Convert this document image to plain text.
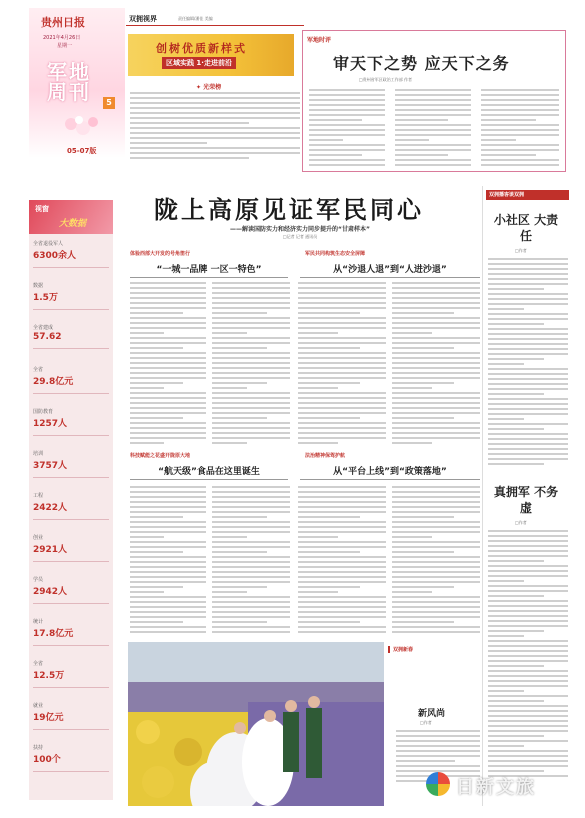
贵州日报
2021年4月26日
星期一
军地周刊	5
05-07版
双拥视界	责任编辑/潘佳 美编
创树优质新样式
区域实践 1·走进前沿
✦ 光荣榜
军地时评
审天下之势 应天下之务
□贵州省军区政治工作部 作者
视窗
大数据
全省退役军人
6300余人
数据
1.5万
全省建成
57.62
全省
29.8亿元
国防教育
1257人
培训
3757人
工程
2422人
创业
2921人
学员
2942人
统计
17.8亿元
全省
12.5万
就业
19亿元
扶持
100个
陇上高原见证军民同心
——解读国防实力和经济实力同步提升的“甘肃样本”
□记者 记者 通讯员
体验西部大开发的号角笛行
“一城一品牌 一区一特色”
军民共同构筑生态安全屏障
从“沙退人退”到“人进沙退”
科技赋能之花盛开陇原大地
“航天级”食品在这里诞生
法治精神保驾护航
从“平台上线”到“政策落地”
双拥播客谈双拥
小社区 大责任
□作者
真拥军 不务虚
□作者
双拥新春
新风尚
□作者
日新文旅
